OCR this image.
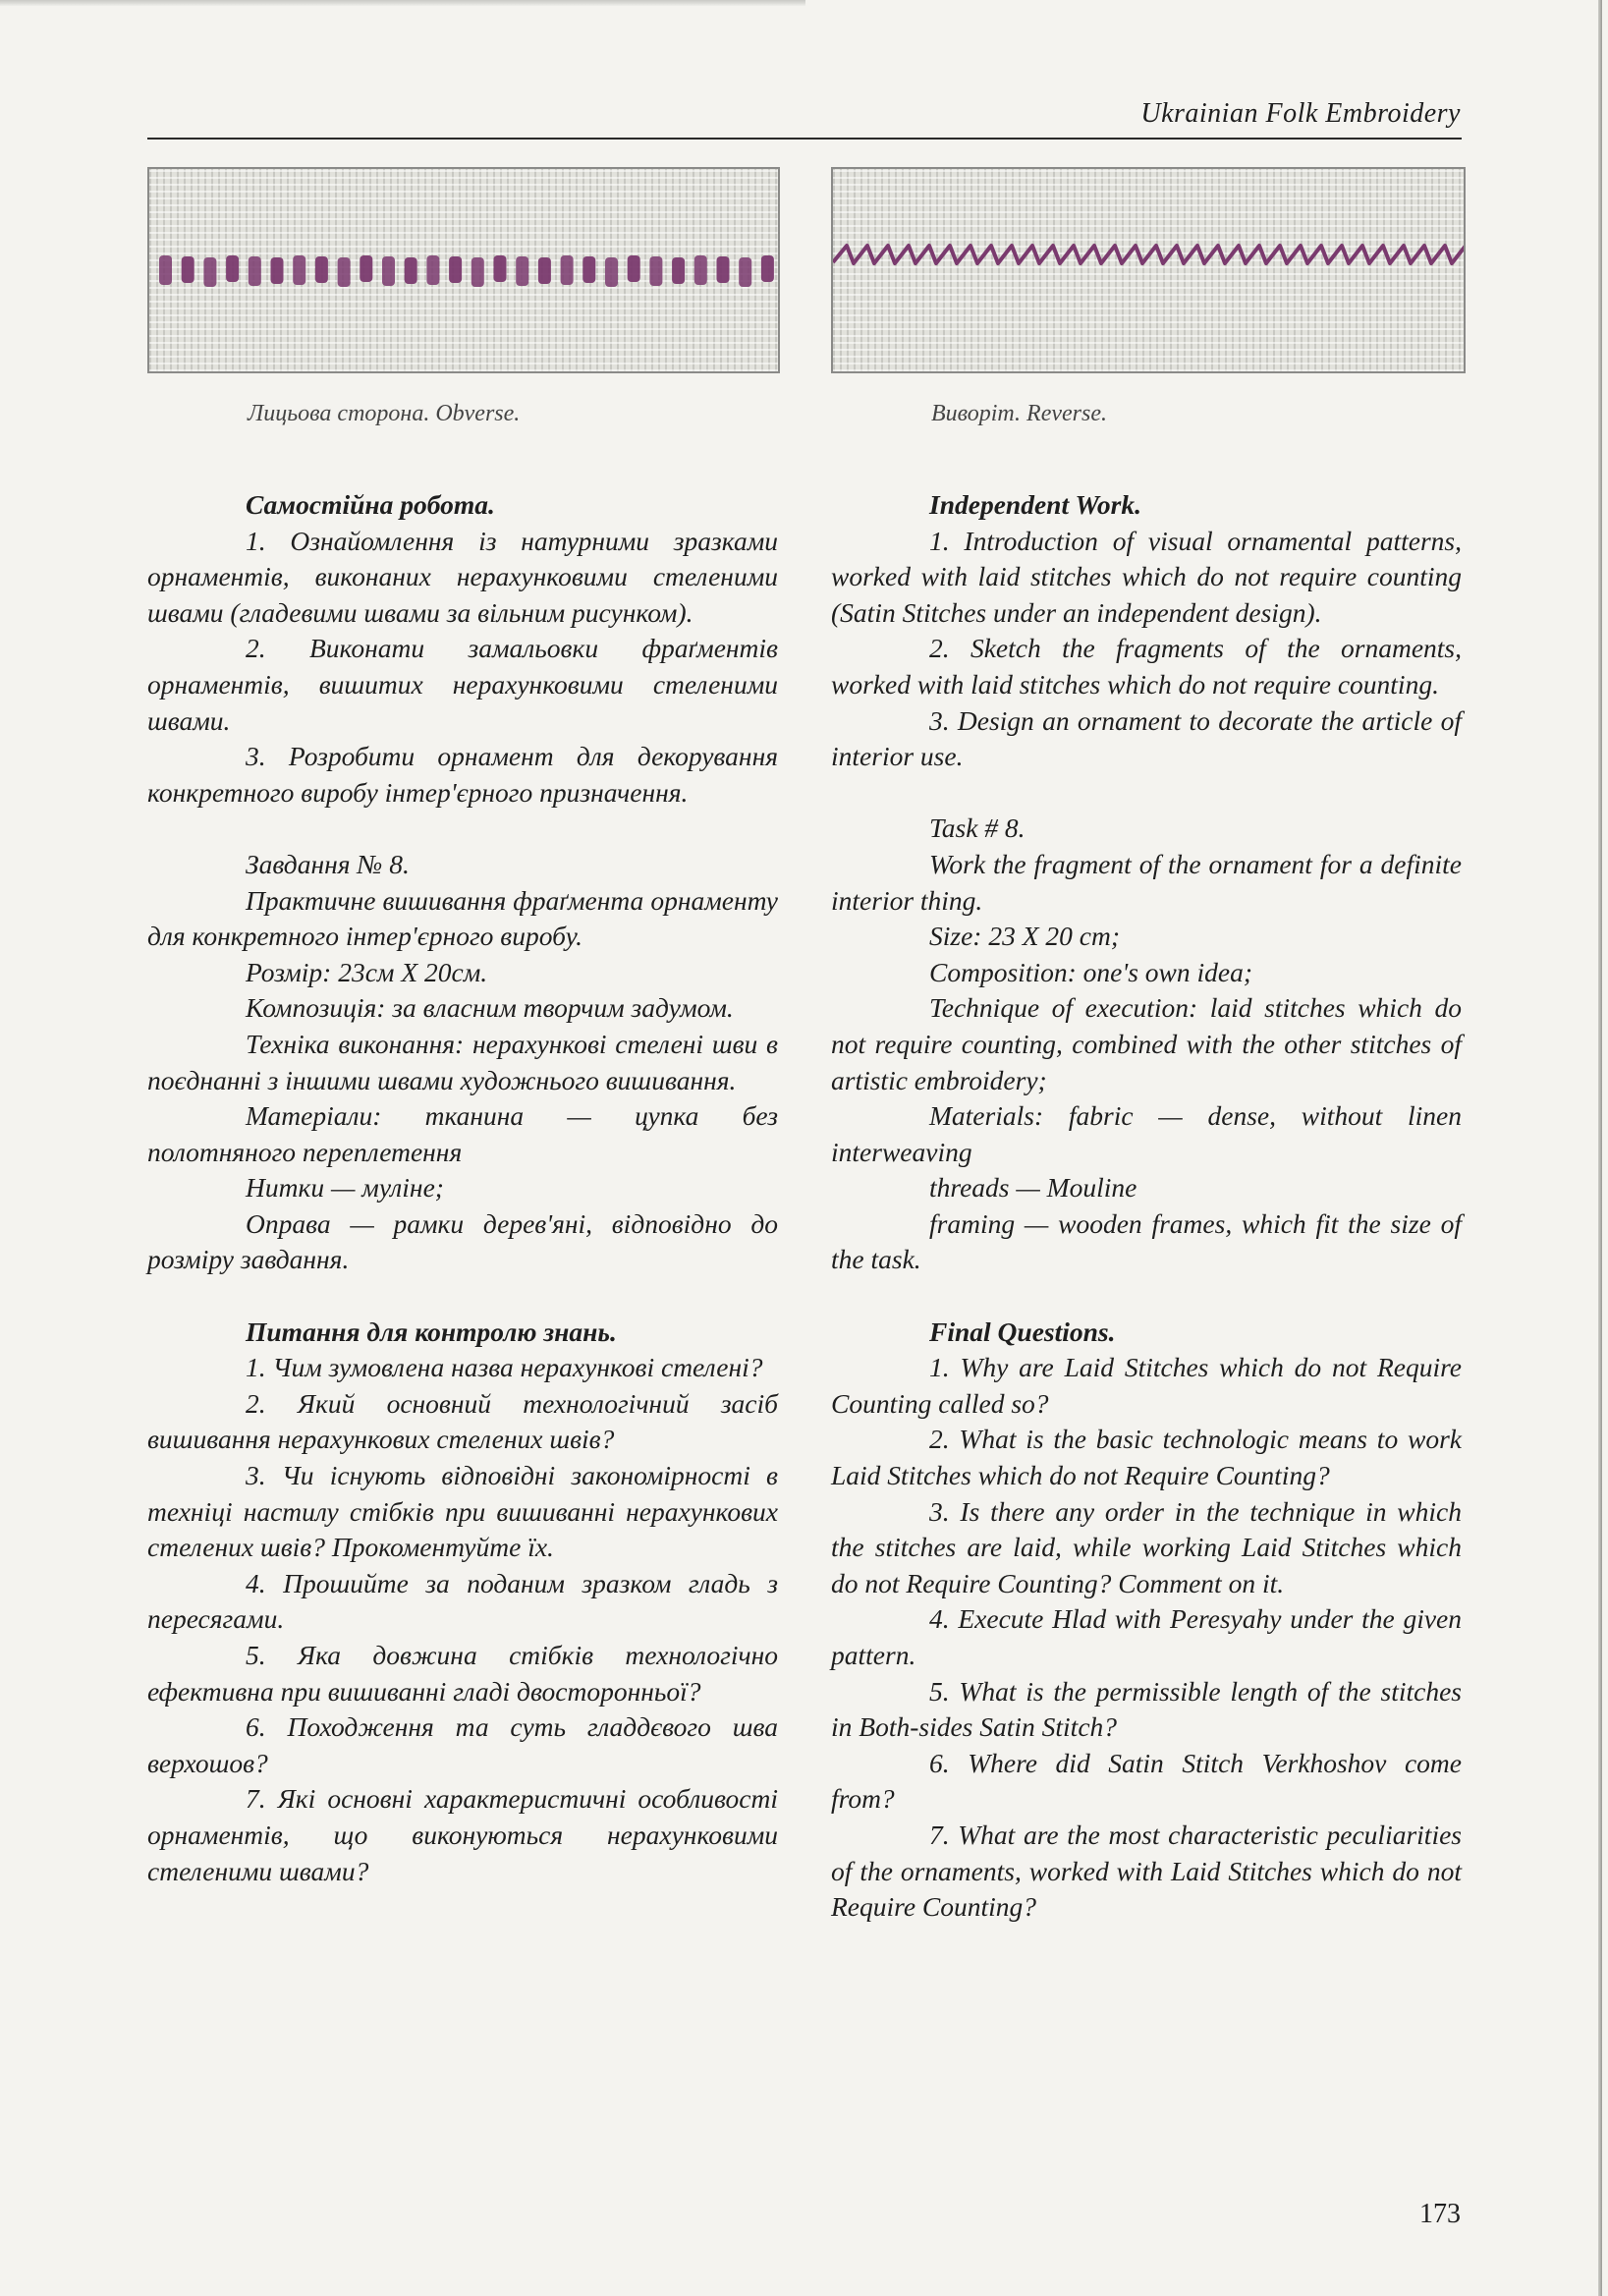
Ukrainian Folk Embroidery
Лицьова сторона. Obverse.	Виворіт. Reverse.

Самостійна робота.

1. Ознайомлення із натурними зразками орнаментів, виконаних нерахунковими стеленими швами (гладевими швами за вільним рисунком).

2. Виконати замальовки фраґментів орнаментів, вишитих нерахунковими стеленими швами.

3. Розробити орнамент для декорування конкретного виробу інтер'єрного призначення.

Завдання № 8.

Практичне вишивання фраґмента орнаменту для конкретного інтер'єрного виробу.

Розмір: 23см X 20см.

Композиція: за власним творчим задумом.

Техніка виконання: нерахункові стелені шви в поєднанні з іншими швами художнього вишивання.

Матеріали: тканина — цупка без полотняного переплетення

Нитки — муліне;

Оправа — рамки дерев'яні, відповідно до розміру завдання.

Питання для контролю знань.

1. Чим зумовлена назва нерахункові стелені?

2. Який основний технологічний засіб вишивання нерахункових стелених швів?

3. Чи існують відповідні закономірності в техніці настилу стібків при вишиванні нерахункових стелених швів? Прокоментуйте їх.

4. Прошийте за поданим зразком гладь з пересягами.

5. Яка довжина стібків технологічно ефективна при вишиванні гладі двосторонньої?

6. Походження та суть гладдєвого шва верхошов?

7. Які основні характеристичні особливості орнаментів, що виконуються нерахунковими стеленими швами?

Independent Work.

1. Introduction of visual ornamental patterns, worked with laid stitches which do not require counting (Satin Stitches under an independent design).

2. Sketch the fragments of the ornaments, worked with laid stitches which do not require counting.

3. Design an ornament to decorate the article of interior use.

Task # 8.

Work the fragment of the ornament for a definite interior thing.

Size: 23 X 20 cm;

Composition: one's own idea;

Technique of execution: laid stitches which do not require counting, combined with the other stitches of artistic embroidery;

Materials: fabric — dense, without linen interweaving

threads — Mouline

framing — wooden frames, which fit the size of the task.

Final Questions.

1. Why are Laid Stitches which do not Require Counting called so?

2. What is the basic technologic means to work Laid Stitches which do not Require Counting?

3. Is there any order in the technique in which the stitches are laid, while working Laid Stitches which do not Require Counting? Comment on it.

4. Execute Hlad with Peresyahy under the given pattern.

5. What is the permissible length of the stitches in Both-sides Satin Stitch?

6. Where did Satin Stitch Verkhoshov come from?

7. What are the most characteristic peculiarities of the ornaments, worked with Laid Stitches which do not Require Counting?

173
